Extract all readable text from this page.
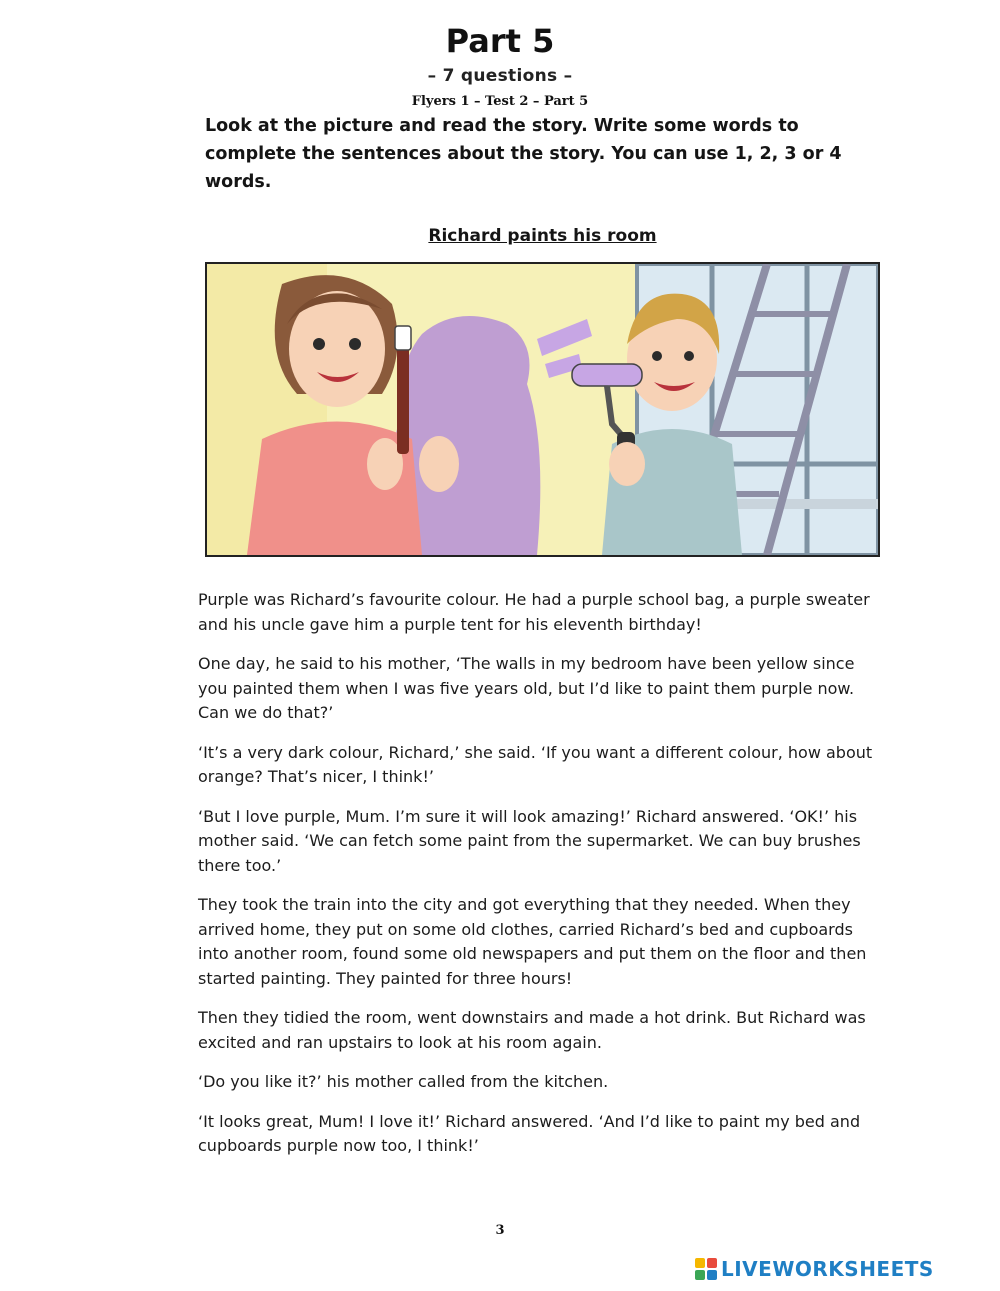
Part 5
– 7 questions –
Flyers 1 – Test 2 – Part 5
Look at the picture and read the story. Write some words to complete the sentences about the story. You can use 1, 2, 3 or 4 words.
Richard paints his room

Purple was Richard’s favourite colour. He had a purple school bag, a purple sweater and his uncle gave him a purple tent for his eleventh birthday!

One day, he said to his mother, ‘The walls in my bedroom have been yellow since you painted them when I was five years old, but I’d like to paint them purple now. Can we do that?’

‘It’s a very dark colour, Richard,’ she said. ‘If you want a different colour, how about orange? That’s nicer, I think!’

‘But I love purple, Mum. I’m sure it will look amazing!’ Richard answered. ‘OK!’ his mother said. ‘We can fetch some paint from the supermarket. We can buy brushes there too.’

They took the train into the city and got everything that they needed. When they arrived home, they put on some old clothes, carried Richard’s bed and cupboards into another room, found some old newspapers and put them on the floor and then started painting. They painted for three hours!

Then they tidied the room, went downstairs and made a hot drink. But Richard was excited and ran upstairs to look at his room again.

‘Do you like it?’ his mother called from the kitchen.

‘It looks great, Mum! I love it!’ Richard answered. ‘And I’d like to paint my bed and cupboards purple now too, I think!’

3
LIVEWORKSHEETS
